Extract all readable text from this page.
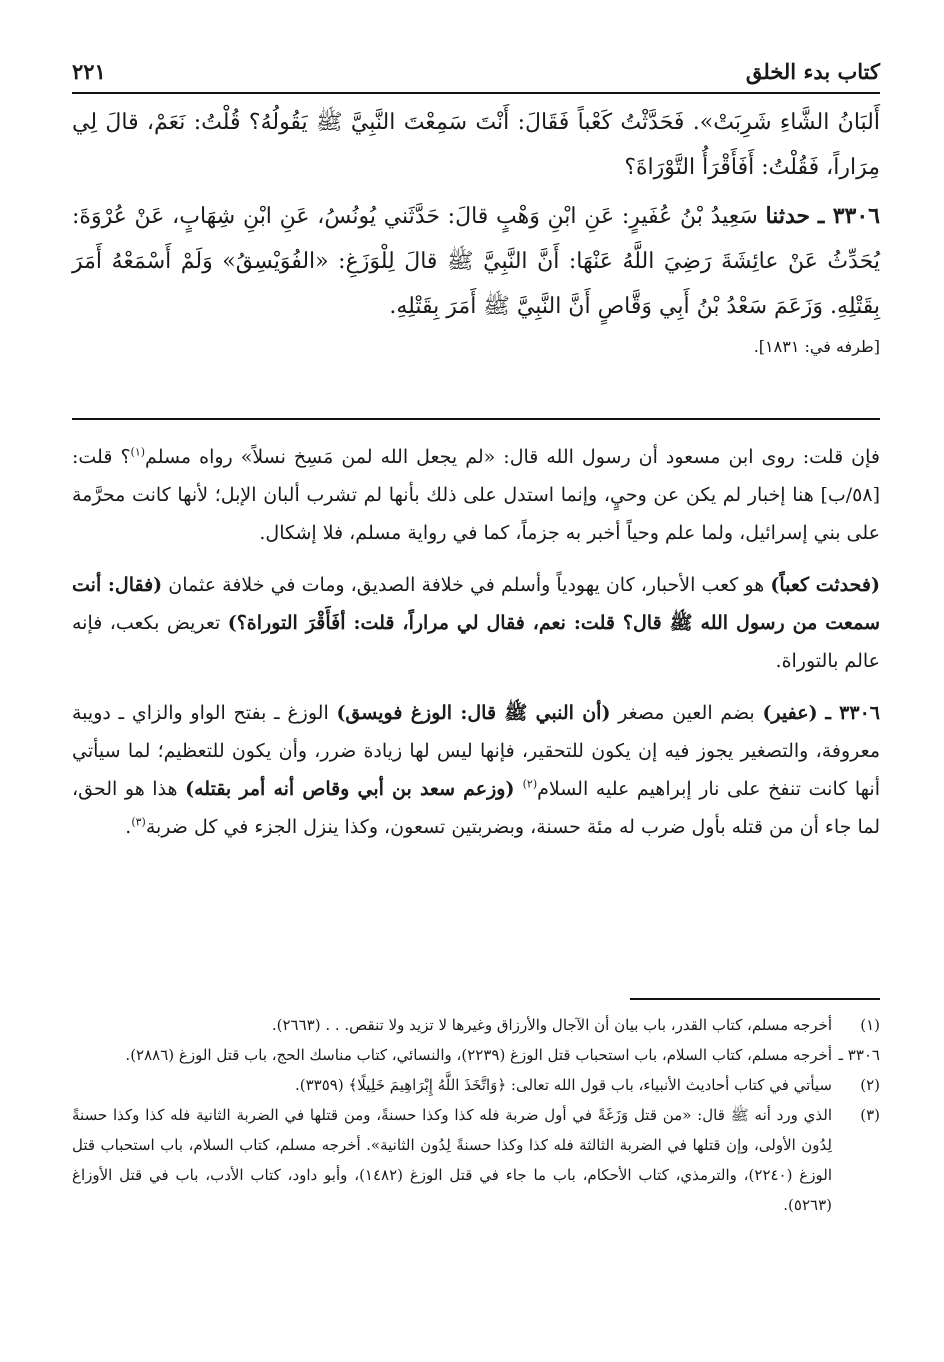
٢٢١	كتاب بدء الخلق

أَلبَانُ الشَّاءِ شَرِبَتْ». فَحَدَّثْتُ كَعْباً فَقَالَ: أَنْتَ سَمِعْتَ النَّبِيَّ ﷺ يَقُولُهُ؟ قُلْتُ: نَعَمْ، قالَ لِي مِرَاراً، فَقُلْتُ: أَفَأَقْرَأُ التَّوْرَاةَ؟

٣٣٠٦ ـ حدثنا سَعِيدُ بْنُ عُفَيرٍ: عَنِ ابْنِ وَهْبٍ قالَ: حَدَّثَني يُونُسُ، عَنِ ابْنِ شِهَابٍ، عَنْ عُرْوَةَ: يُحَدِّثُ عَنْ عائِشَةَ رَضِيَ اللَّهُ عَنْهَا: أَنَّ النَّبِيَّ ﷺ قالَ لِلْوَزَغِ: «الفُوَيْسِقُ» وَلَمْ أَسْمَعْهُ أَمَرَ بِقَتْلِهِ. وَزَعَمَ سَعْدُ بْنُ أَبِي وَقَّاصٍ أَنَّ النَّبِيَّ ﷺ أَمَرَ بِقَتْلِهِ.

[طرفه في: ١٨٣١].

فإن قلت: روى ابن مسعود أن رسول الله قال: «لم يجعل الله لمن مَسِخ نسلاً» رواه مسلم$^{(١)}$؟ قلت: [٥٨/ب] هنا إخبار لم يكن عن وحيٍ، وإنما استدل على ذلك بأنها لم تشرب ألبان الإبل؛ لأنها كانت محرَّمة على بني إسرائيل، ولما علم وحياً أخبر به جزماً، كما في رواية مسلم، فلا إشكال.

(فحدثت كعباً) هو كعب الأحبار، كان يهودياً وأسلم في خلافة الصديق، ومات في خلافة عثمان (فقال: أنت سمعت من رسول الله ﷺ قال؟ قلت: نعم، فقال لي مراراً، قلت: أفَأَقْرَ التوراة؟) تعريض بكعب، فإنه عالم بالتوراة.

٣٣٠٦ ـ (عفير) بضم العين مصغر (أن النبي ﷺ قال: الوزغ فويسق) الوزغ ـ بفتح الواو والزاي ـ دويبة معروفة، والتصغير يجوز فيه إن يكون للتحقير، فإنها ليس لها زيادة ضرر، وأن يكون للتعظيم؛ لما سيأتي أنها كانت تنفخ على نار إبراهيم عليه السلام$^{(٢)}$ (وزعم سعد بن أبي وقاص أنه أمر بقتله) هذا هو الحق، لما جاء أن من قتله بأول ضرب له مئة حسنة، وبضربتين تسعون، وكذا ينزل الجزء في كل ضربة$^{(٣)}$.

(١)
أخرجه مسلم، كتاب القدر، باب بيان أن الآجال والأرزاق وغيرها لا تزيد ولا تنقص. . . (٢٦٦٣).
٣٣٠٦ ـ
أخرجه مسلم، كتاب السلام، باب استحباب قتل الوزغ (٢٢٣٩)، والنسائي، كتاب مناسك الحج، باب قتل الوزغ (٢٨٨٦).
(٢)
سيأتي في كتاب أحاديث الأنبياء، باب قول الله تعالى: ﴿وَاتَّخَذَ اللَّهُ إِبْرَاهِيمَ خَلِيلًا﴾ (٣٣٥٩).
(٣)
الذي ورد أنه ﷺ قال: «من قتل وَزَغَةً في أول ضربة فله كذا وكذا حسنةً، ومن قتلها في الضربة الثانية فله كذا وكذا حسنةً لِدُون الأولى، وإن قتلها في الضربة الثالثة فله كذا وكذا حسنةً لِدُون الثانية». أخرجه مسلم، كتاب السلام، باب استحباب قتل الوزغ (٢٢٤٠)، والترمذي، كتاب الأحكام، باب ما جاء في قتل الوزغ (١٤٨٢)، وأبو داود، كتاب الأدب، باب في قتل الأوزاغ (٥٢٦٣).
